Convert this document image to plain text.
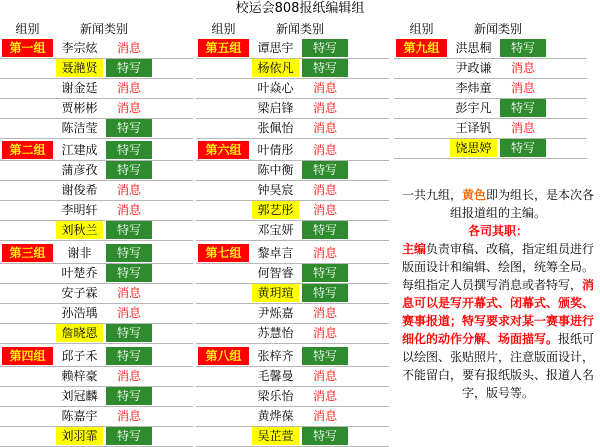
校运会808报纸编辑组
组别	新闻类别	组别	新闻类别	组别	新闻类别
第一组	李宗炫	消息
聂滟贤	特写
谢金廷	消息
贾彬彬	消息
陈洁莹	特写
第二组	江建成	特写
蒲彦孜	特写
谢俊希	消息
李明轩	消息
刘秋兰	特写
第三组	谢非	特写
叶楚乔	特写
安子霖	消息
孙浩瑀	消息
詹晓恩	特写
第四组	邱子禾	特写
赖梓豪	消息
刘冠麟	特写
陈嘉宇	消息
刘羽霏	特写
第五组	谭思宇	特写
杨依凡	特写
叶焱心	消息
梁启锋	消息
张佩怡	消息
第六组	叶倩彤	消息
陈中衡	特写
钟昊宸	消息
郭艺彤	消息
邓宝妍	特写
第七组	黎卓言	消息
何智睿	特写
黄玥瑄	特写
尹烁嘉	消息
苏慧怡	消息
第八组	张梓齐	特写
毛馨曼	消息
梁乐怡	消息
黄烨葆	消息
吴芷萱	特写
第九组	洪思桐	特写
尹政谦	消息
李炜童	消息
彭宇凡	特写
王译钒	消息
饶思婷	特写

一共九组，黄色即为组长，是本次各组报道组的主编。

各司其职：

主编负责审稿、改稿，指定组员进行版面设计和编辑、绘图，统筹全局。

每组指定人员撰写消息或者特写，消息可以是写开幕式、闭幕式、颁奖、赛事报道；特写要求对某一赛事进行细化的动作分解、场面描写。报纸可以绘图、张贴照片，注意版面设计，不能留白，要有报纸版头、报道人名字，版号等。
